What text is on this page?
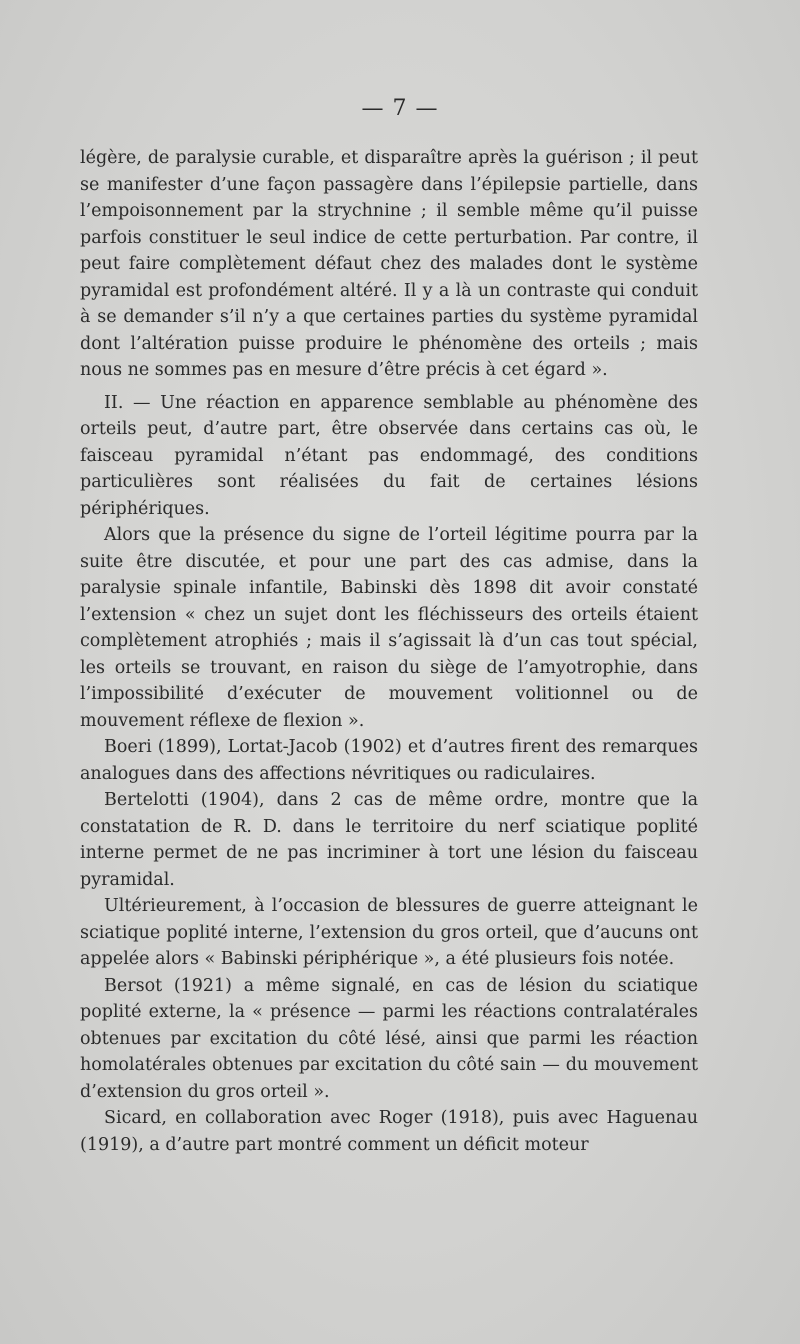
— 7 —

légère, de paralysie curable, et disparaître après la guérison ; il peut se manifester d’une façon passagère dans l’épilepsie partielle, dans l’empoisonnement par la strychnine ; il semble même qu’il puisse parfois constituer le seul indice de cette perturbation. Par contre, il peut faire complètement défaut chez des malades dont le système pyramidal est profondément altéré. Il y a là un contraste qui conduit à se demander s’il n’y a que certaines parties du système pyramidal dont l’altération puisse produire le phénomène des orteils ; mais nous ne sommes pas en mesure d’être précis à cet égard ».

II. — Une réaction en apparence semblable au phénomène des orteils peut, d’autre part, être observée dans certains cas où, le faisceau pyramidal n’étant pas endommagé, des conditions particulières sont réalisées du fait de certaines lésions périphériques.

Alors que la présence du signe de l’orteil légitime pourra par la suite être discutée, et pour une part des cas admise, dans la paralysie spinale infantile, Babinski dès 1898 dit avoir constaté l’extension « chez un sujet dont les fléchisseurs des orteils étaient complètement atrophiés ; mais il s’agissait là d’un cas tout spécial, les orteils se trouvant, en raison du siège de l’amyotrophie, dans l’impossibilité d’exécuter de mouvement volitionnel ou de mouvement réflexe de flexion ».

Boeri (1899), Lortat-Jacob (1902) et d’autres firent des remarques analogues dans des affections névritiques ou radiculaires.

Bertelotti (1904), dans 2 cas de même ordre, montre que la constatation de R. D. dans le territoire du nerf sciatique poplité interne permet de ne pas incriminer à tort une lésion du faisceau pyramidal.

Ultérieurement, à l’occasion de blessures de guerre atteignant le sciatique poplité interne, l’extension du gros orteil, que d’aucuns ont appelée alors « Babinski périphérique », a été plusieurs fois notée.

Bersot (1921) a même signalé, en cas de lésion du sciatique poplité externe, la « présence — parmi les réactions contralatérales obtenues par excitation du côté lésé, ainsi que parmi les réaction homolatérales obtenues par excitation du côté sain — du mouvement d’extension du gros orteil ».

Sicard, en collaboration avec Roger (1918), puis avec Haguenau (1919), a d’autre part montré comment un déficit moteur
